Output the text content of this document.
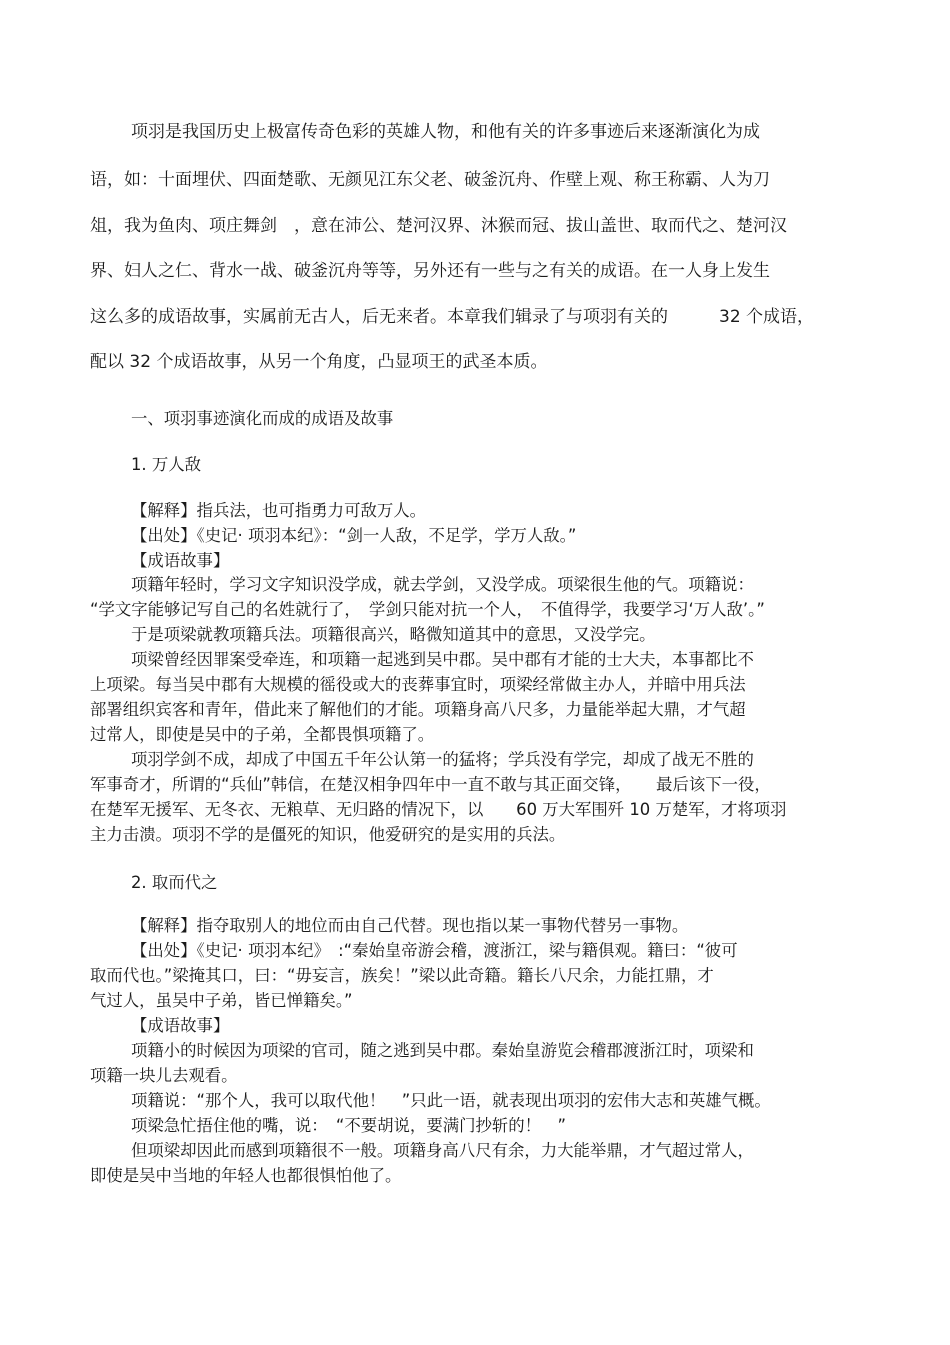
项羽是我国历史上极富传奇色彩的英雄人物，和他有关的许多事迹后来逐渐演化为成

语，如：十面埋伏、四面楚歌、无颜见江东父老、破釜沉舟、作壁上观、称王称霸、人为刀

俎，我为鱼肉、项庄舞剑　，意在沛公、楚河汉界、沐猴而冠、拔山盖世、取而代之、楚河汉

界、妇人之仁、背水一战、破釜沉舟等等，另外还有一些与之有关的成语。在一人身上发生

这么多的成语故事，实属前无古人，后无来者。本章我们辑录了与项羽有关的　　　32 个成语，

配以 32 个成语故事，从另一个角度，凸显项王的武圣本质。

一、项羽事迹演化而成的成语及故事

1. 万人敌

【解释】指兵法，也可指勇力可敌万人。

【出处】《史记· 项羽本纪》：“剑一人敌，不足学，学万人敌。”

【成语故事】

项籍年轻时，学习文字知识没学成，就去学剑，又没学成。项梁很生他的气。项籍说：

“学文字能够记写自己的名姓就行了，　学剑只能对抗一个人，　不值得学，我要学习‘万人敌’。”

于是项梁就教项籍兵法。项籍很高兴，略微知道其中的意思，又没学完。

项梁曾经因罪案受牵连，和项籍一起逃到吴中郡。吴中郡有才能的士大夫，本事都比不

上项梁。每当吴中郡有大规模的徭役或大的丧葬事宜时，项梁经常做主办人，并暗中用兵法

部署组织宾客和青年，借此来了解他们的才能。项籍身高八尺多，力量能举起大鼎，才气超

过常人，即使是吴中的子弟，全都畏惧项籍了。

项羽学剑不成，却成了中国五千年公认第一的猛将；学兵没有学完，却成了战无不胜的

军事奇才，所谓的“兵仙”韩信，在楚汉相争四年中一直不敢与其正面交锋，　　最后该下一役，

在楚军无援军、无冬衣、无粮草、无归路的情况下，以　　60 万大军围歼 10 万楚军，才将项羽

主力击溃。项羽不学的是僵死的知识，他爱研究的是实用的兵法。

2. 取而代之

【解释】指夺取别人的地位而由自己代替。现也指以某一事物代替另一事物。

【出处】《史记· 项羽本纪》　:“秦始皇帝游会稽，渡浙江，梁与籍俱观。籍曰：“彼可

取而代也。”梁掩其口，曰：“毋妄言，族矣！”梁以此奇籍。籍长八尺余，力能扛鼎，才

气过人，虽吴中子弟，皆已惮籍矣。”

【成语故事】

项籍小的时候因为项梁的官司，随之逃到吴中郡。秦始皇游览会稽郡渡浙江时，项梁和

项籍一块儿去观看。

项籍说：“那个人，我可以取代他！　”只此一语，就表现出项羽的宏伟大志和英雄气概。

项梁急忙捂住他的嘴，说：　“不要胡说，要满门抄斩的！　”

但项梁却因此而感到项籍很不一般。项籍身高八尺有余，力大能举鼎，才气超过常人，

即使是吴中当地的年轻人也都很惧怕他了。
